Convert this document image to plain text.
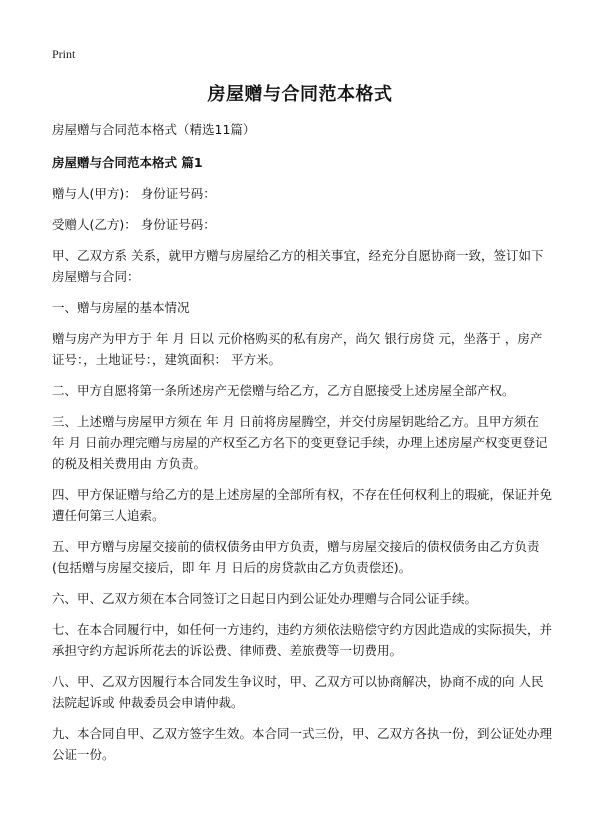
Print
房屋赠与合同范本格式

房屋赠与合同范本格式（精选11篇）

房屋赠与合同范本格式 篇1

赠与人(甲方)： 身份证号码：

受赠人(乙方)： 身份证号码：

甲、乙双方系 关系，就甲方赠与房屋给乙方的相关事宜，经充分自愿协商一致，签订如下房屋赠与合同：

一、赠与房屋的基本情况

赠与房产为甲方于 年 月 日以 元价格购买的私有房产，尚欠 银行房贷 元，坐落于 ，房产证号：，土地证号：，建筑面积： 平方米。

二、甲方自愿将第一条所述房产无偿赠与给乙方，乙方自愿接受上述房屋全部产权。

三、上述赠与房屋甲方须在 年 月 日前将房屋腾空，并交付房屋钥匙给乙方。且甲方须在 年 月 日前办理完赠与房屋的产权至乙方名下的变更登记手续，办理上述房屋产权变更登记的税及相关费用由 方负责。

四、甲方保证赠与给乙方的是上述房屋的全部所有权，不存在任何权利上的瑕疵，保证并免遭任何第三人追索。

五、甲方赠与房屋交接前的债权债务由甲方负责，赠与房屋交接后的债权债务由乙方负责(包括赠与房屋交接后，即 年 月 日后的房贷款由乙方负责偿还)。

六、甲、乙双方须在本合同签订之日起日内到公证处办理赠与合同公证手续。

七、在本合同履行中，如任何一方违约，违约方须依法赔偿守约方因此造成的实际损失，并承担守约方起诉所花去的诉讼费、律师费、差旅费等一切费用。

八、甲、乙双方因履行本合同发生争议时，甲、乙双方可以协商解决，协商不成的向 人民法院起诉或 仲裁委员会申请仲裁。

九、本合同自甲、乙双方签字生效。本合同一式三份，甲、乙双方各执一份，到公证处办理公证一份。
